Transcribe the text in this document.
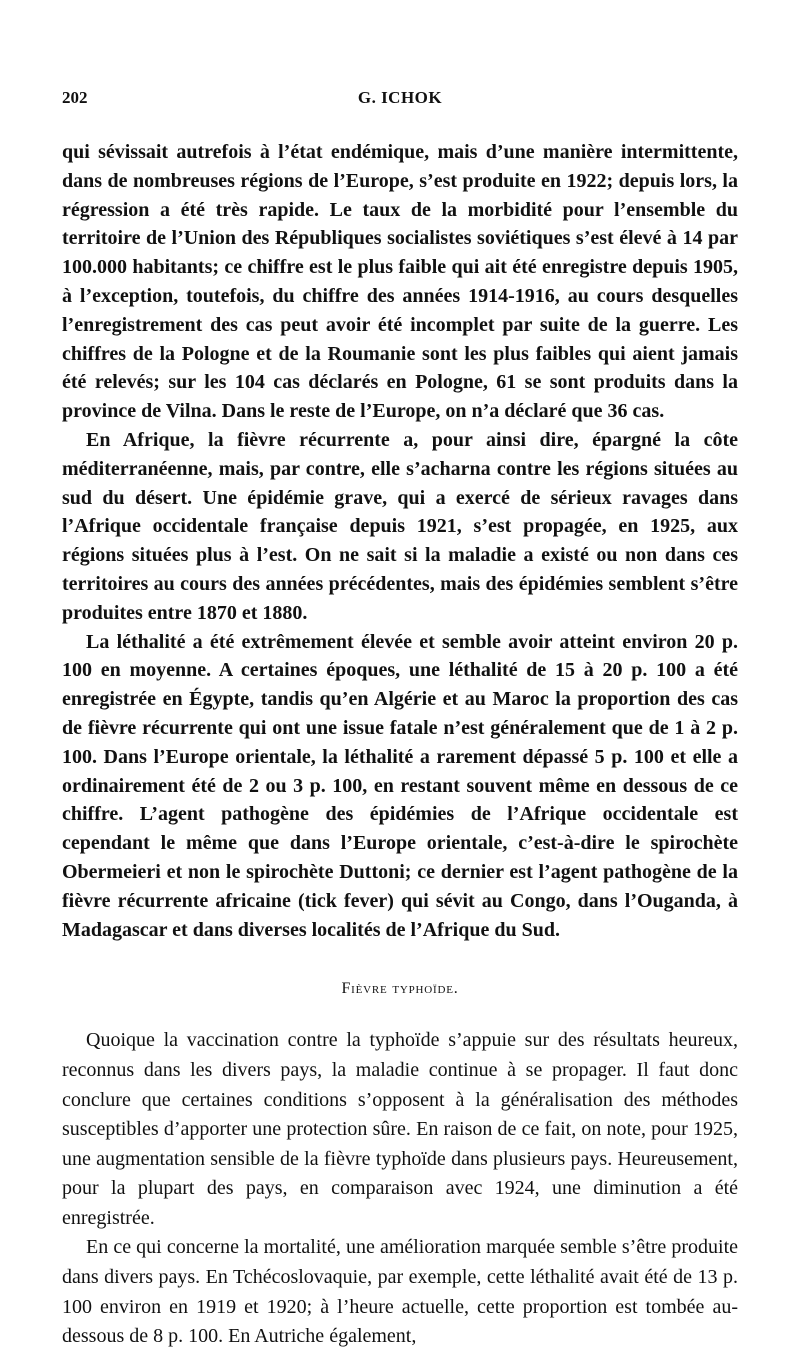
202	G. ICHOK

qui sévissait autrefois à l’état endémique, mais d’une manière intermittente, dans de nombreuses régions de l’Europe, s’est produite en 1922; depuis lors, la régression a été très rapide. Le taux de la morbidité pour l’ensemble du territoire de l’Union des Républiques socialistes soviétiques s’est élevé à 14 par 100.000 habitants; ce chiffre est le plus faible qui ait été enregistre depuis 1905, à l’exception, toutefois, du chiffre des années 1914-1916, au cours desquelles l’enregistrement des cas peut avoir été incomplet par suite de la guerre. Les chiffres de la Pologne et de la Roumanie sont les plus faibles qui aient jamais été relevés; sur les 104 cas déclarés en Pologne, 61 se sont produits dans la province de Vilna. Dans le reste de l’Europe, on n’a déclaré que 36 cas.

En Afrique, la fièvre récurrente a, pour ainsi dire, épargné la côte méditerranéenne, mais, par contre, elle s’acharna contre les régions situées au sud du désert. Une épidémie grave, qui a exercé de sérieux ravages dans l’Afrique occidentale française depuis 1921, s’est propagée, en 1925, aux régions situées plus à l’est. On ne sait si la maladie a existé ou non dans ces territoires au cours des années précédentes, mais des épidémies semblent s’être produites entre 1870 et 1880.

La léthalité a été extrêmement élevée et semble avoir atteint environ 20 p. 100 en moyenne. A certaines époques, une léthalité de 15 à 20 p. 100 a été enregistrée en Égypte, tandis qu’en Algérie et au Maroc la proportion des cas de fièvre récurrente qui ont une issue fatale n’est généralement que de 1 à 2 p. 100. Dans l’Europe orientale, la léthalité a rarement dépassé 5 p. 100 et elle a ordinairement été de 2 ou 3 p. 100, en restant souvent même en dessous de ce chiffre. L’agent pathogène des épidémies de l’Afrique occidentale est cependant le même que dans l’Europe orientale, c’est-à-dire le spirochète Obermeieri et non le spirochète Duttoni; ce dernier est l’agent pathogène de la fièvre récurrente africaine (tick fever) qui sévit au Congo, dans l’Ouganda, à Madagascar et dans diverses localités de l’Afrique du Sud.

Fièvre typhoïde.

Quoique la vaccination contre la typhoïde s’appuie sur des résultats heureux, reconnus dans les divers pays, la maladie continue à se propager. Il faut donc conclure que certaines conditions s’opposent à la généralisation des méthodes susceptibles d’apporter une protection sûre. En raison de ce fait, on note, pour 1925, une augmentation sensible de la fièvre typhoïde dans plusieurs pays. Heureusement, pour la plupart des pays, en comparaison avec 1924, une diminution a été enregistrée.

En ce qui concerne la mortalité, une amélioration marquée semble s’être produite dans divers pays. En Tchécoslovaquie, par exemple, cette léthalité avait été de 13 p. 100 environ en 1919 et 1920; à l’heure actuelle, cette proportion est tombée au-dessous de 8 p. 100. En Autriche également,
